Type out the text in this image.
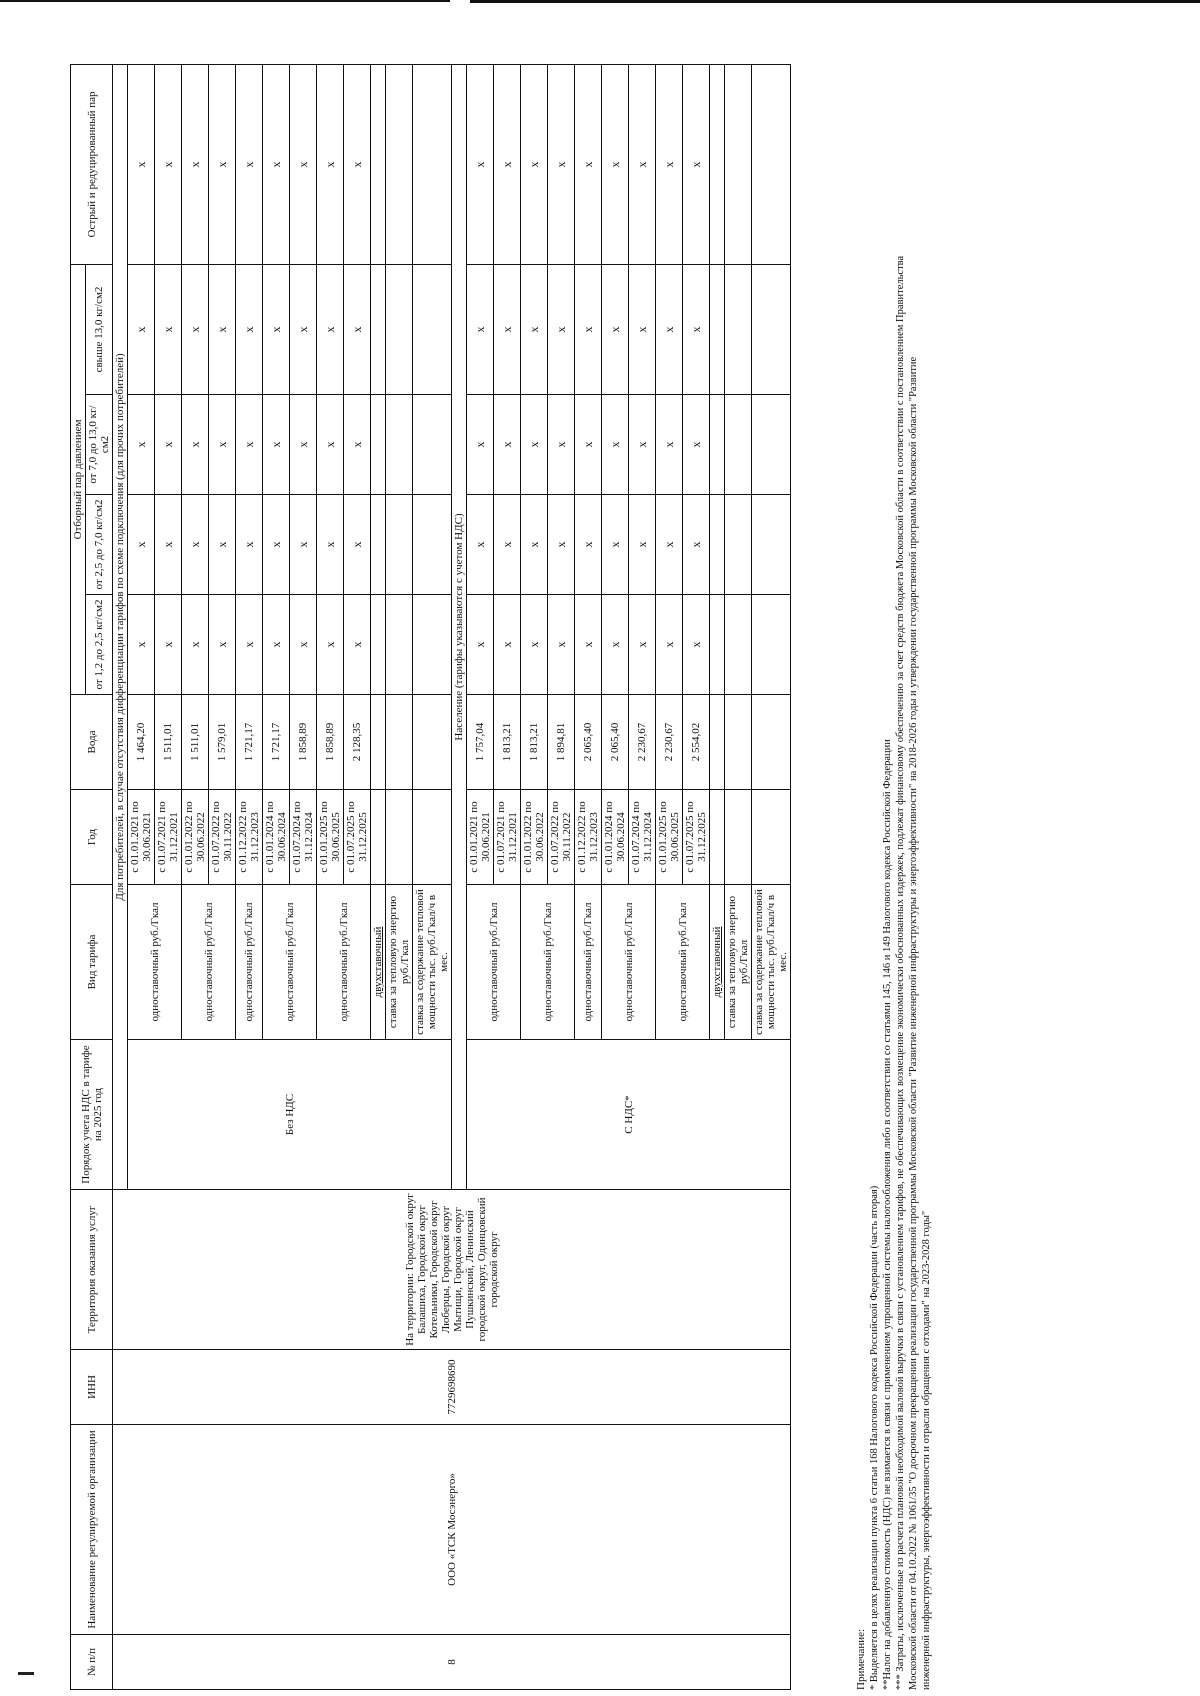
№ п/п	Наименование регулируемой организации	ИНН	Территория оказания услуг	Порядок учета НДС в тарифе на 2025 год	Вид тарифа	Год	Вода	Отборный пар давлением				Острый и редуцированный пар
								от 1,2 до 2,5 кг/см2	от 2,5 до 7,0 кг/см2	от 7,0 до 13,0 кг/см2	свыше 13,0 кг/см2	
8	ООО «ТСК Мосэнерго»	7729698690	На территории: Городской округ Балашиха, Городской округ Котельники, Городской округ Люберцы, Городской округ Мытищи, Городской округ Пушкинский, Ленинский городской округ, Одинцовский городской округ	Для потребителей, в случае отсутствия дифференциации тарифов по схеме подключения (для прочих потребителей)								
				Без НДС	одноставочный руб./Гкал	с 01.01.2021 по 30.06.2021	1 464,20	х	х	х	х	х
						с 01.07.2021 по 31.12.2021	1 511,01	х	х	х	х	х
					одноставочный руб./Гкал	с 01.01.2022 по 30.06.2022	1 511,01	х	х	х	х	х
						с 01.07.2022 по 30.11.2022	1 579,01	х	х	х	х	х
					одноставочный руб./Гкал	с 01.12.2022 по 31.12.2023	1 721,17	х	х	х	х	х
					одноставочный руб./Гкал	с 01.01.2024 по 30.06.2024	1 721,17	х	х	х	х	х
						с 01.07.2024 по 31.12.2024	1 858,89	х	х	х	х	х
					одноставочный руб./Гкал	с 01.01.2025 по 30.06.2025	1 858,89	х	х	х	х	х
						с 01.07.2025 по 31.12.2025	2 128,35	х	х	х	х	х
					двухставочный							
					ставка за тепловую энергию руб./Гкал							
					ставка за содержание тепловой мощности тыс. руб./Гкал/ч в мес.							
				Население (тарифы указываются с учетом НДС)								
				С НДС*	одноставочный руб./Гкал	с 01.01.2021 по 30.06.2021	1 757,04	х	х	х	х	х
						с 01.07.2021 по 31.12.2021	1 813,21	х	х	х	х	х
					одноставочный руб./Гкал	с 01.01.2022 по 30.06.2022	1 813,21	х	х	х	х	х
						с 01.07.2022 по 30.11.2022	1 894,81	х	х	х	х	х
					одноставочный руб./Гкал	с 01.12.2022 по 31.12.2023	2 065,40	х	х	х	х	х
					одноставочный руб./Гкал	с 01.01.2024 по 30.06.2024	2 065,40	х	х	х	х	х
						с 01.07.2024 по 31.12.2024	2 230,67	х	х	х	х	х
					одноставочный руб./Гкал	с 01.01.2025 по 30.06.2025	2 230,67	х	х	х	х	х
						с 01.07.2025 по 31.12.2025	2 554,02	х	х	х	х	х
					двухставочный							
					ставка за тепловую энергию руб./Гкал							
					ставка за содержание тепловой мощности тыс. руб./Гкал/ч в мес.							
Примечание: * Выделяется в целях реализации пункта 6 статьи 168 Налогового кодекса Российской Федерации (часть вторая) **Налог на добавленную стоимость (НДС) не взимается в связи с применением упрощенной системы налогообложения либо в соответствии со статьями 145, 146 и 149 Налогового кодекса Российской Федерации *** Затраты, исключенные из расчета плановой необходимой валовой выручки в связи с установлением тарифов, не обеспечивающих возмещение экономически обоснованных издержек, подлежат финансовому обеспечению за счет средств бюджета Московской области в соответствии с постановлением Правительства Московской области от 04.10.2022 № 1061/35 "О досрочном прекращении реализации государственной программы Московской области "Развитие инженерной инфраструктуры и энергоэффективности" на 2018-2026 годы и утверждении государственной программы Московской области "Развитие инженерной инфраструктуры, энергоэффективности и отрасли обращения с отходами" на 2023-2028 годы"
